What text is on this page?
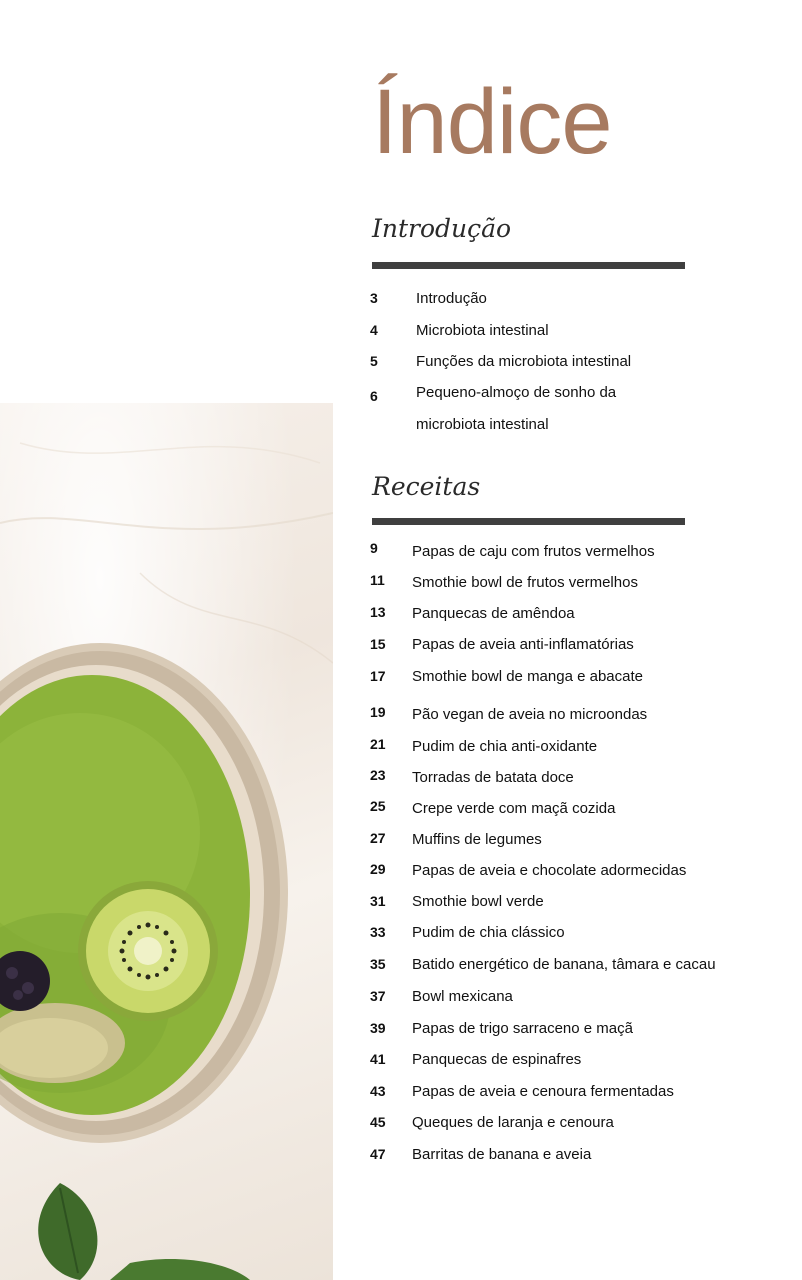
Índice
Introdução
3	Introdução
4	Microbiota intestinal
5	Funções da microbiota intestinal
6	Pequeno-almoço de sonho da
microbiota intestinal
Receitas
9 Papas de caju com frutos vermelhos
11 Smothie bowl de frutos vermelhos
13 Panquecas de amêndoa
15 Papas de aveia anti-inflamatórias
17 Smothie bowl de manga e abacate
19 Pão vegan de aveia no microondas
21 Pudim de chia anti-oxidante
23 Torradas de batata doce
25 Crepe verde com maçã cozida
27 Muffins de legumes
29 Papas de aveia e chocolate adormecidas
31 Smothie bowl verde
33 Pudim de chia clássico
35 Batido energético de banana, tâmara e cacau
37 Bowl mexicana
39 Papas de trigo sarraceno e maçã
41 Panquecas de espinafres
43 Papas de aveia e cenoura fermentadas
45 Queques de laranja e cenoura
47 Barritas de banana e aveia
